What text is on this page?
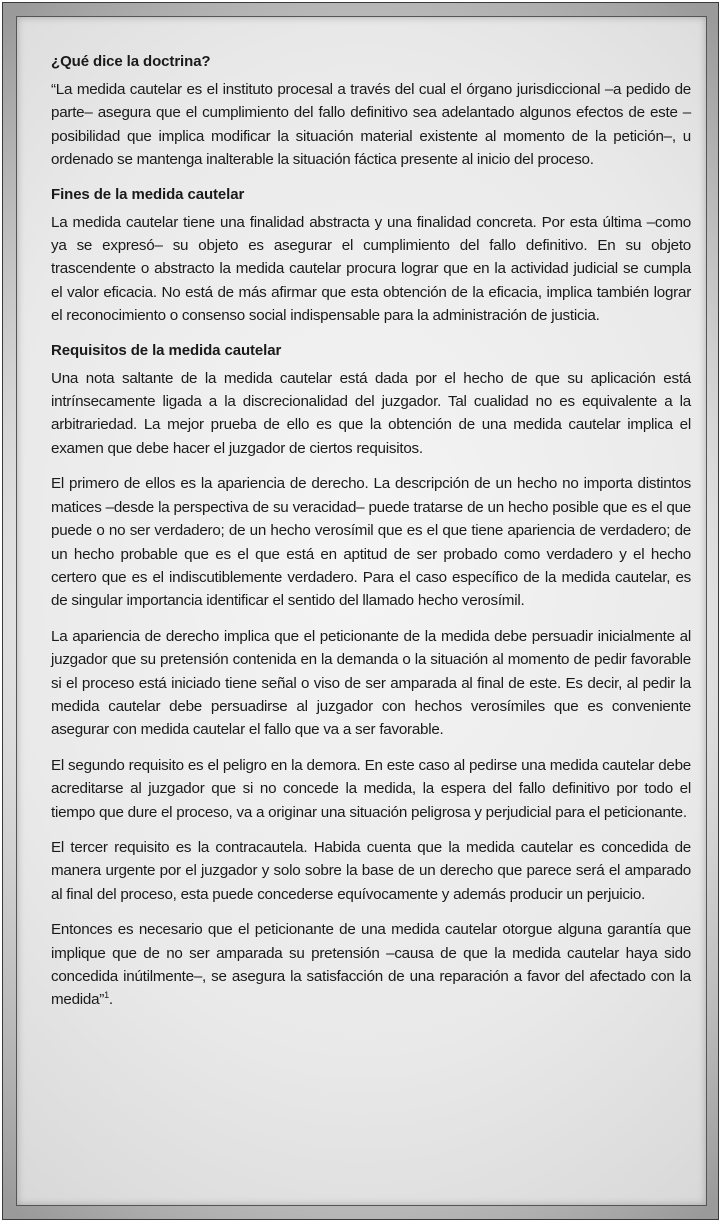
¿Qué dice la doctrina?

“La medida cautelar es el instituto procesal a través del cual el órgano jurisdiccional –a pedido de parte– asegura que el cumplimiento del fallo definitivo sea adelantado algunos efectos de este –posibilidad que implica modificar la situación material existente al momento de la petición–, u ordenado se mantenga inalterable la situación fáctica presente al inicio del proceso.

Fines de la medida cautelar

La medida cautelar tiene una finalidad abstracta y una finalidad concreta. Por esta última –como ya se expresó– su objeto es asegurar el cumplimiento del fallo definitivo. En su objeto trascendente o abstracto la medida cautelar procura lograr que en la actividad judicial se cumpla el valor eficacia. No está de más afirmar que esta obtención de la eficacia, implica también lograr el reconocimiento o consenso social indispensable para la administración de justicia.

Requisitos de la medida cautelar

Una nota saltante de la medida cautelar está dada por el hecho de que su aplicación está intrínsecamente ligada a la discrecionalidad del juzgador. Tal cualidad no es equivalente a la arbitrariedad. La mejor prueba de ello es que la obtención de una medida cautelar implica el examen que debe hacer el juzgador de ciertos requisitos.

El primero de ellos es la apariencia de derecho. La descripción de un hecho no importa distintos matices –desde la perspectiva de su veracidad– puede tratarse de un hecho posible que es el que puede o no ser verdadero; de un hecho verosímil que es el que tiene apariencia de verdadero; de un hecho probable que es el que está en aptitud de ser probado como verdadero y el hecho certero que es el indiscutiblemente verdadero. Para el caso específico de la medida cautelar, es de singular importancia identificar el sentido del llamado hecho verosímil.

La apariencia de derecho implica que el peticionante de la medida debe persuadir inicialmente al juzgador que su pretensión contenida en la demanda o la situación al momento de pedir favorable si el proceso está iniciado tiene señal o viso de ser amparada al final de este. Es decir, al pedir la medida cautelar debe persuadirse al juzgador con hechos verosímiles que es conveniente asegurar con medida cautelar el fallo que va a ser favorable.

El segundo requisito es el peligro en la demora. En este caso al pedirse una medida cautelar debe acreditarse al juzgador que si no concede la medida, la espera del fallo definitivo por todo el tiempo que dure el proceso, va a originar una situación peligrosa y perjudicial para el peticionante.

El tercer requisito es la contracautela. Habida cuenta que la medida cautelar es concedida de manera urgente por el juzgador y solo sobre la base de un derecho que parece será el amparado al final del proceso, esta puede concederse equívocamente y además producir un perjuicio.

Entonces es necesario que el peticionante de una medida cautelar otorgue alguna garantía que implique que de no ser amparada su pretensión –causa de que la medida cautelar haya sido concedida inútilmente–, se asegura la satisfacción de una reparación a favor del afectado con la medida”$^1$.
